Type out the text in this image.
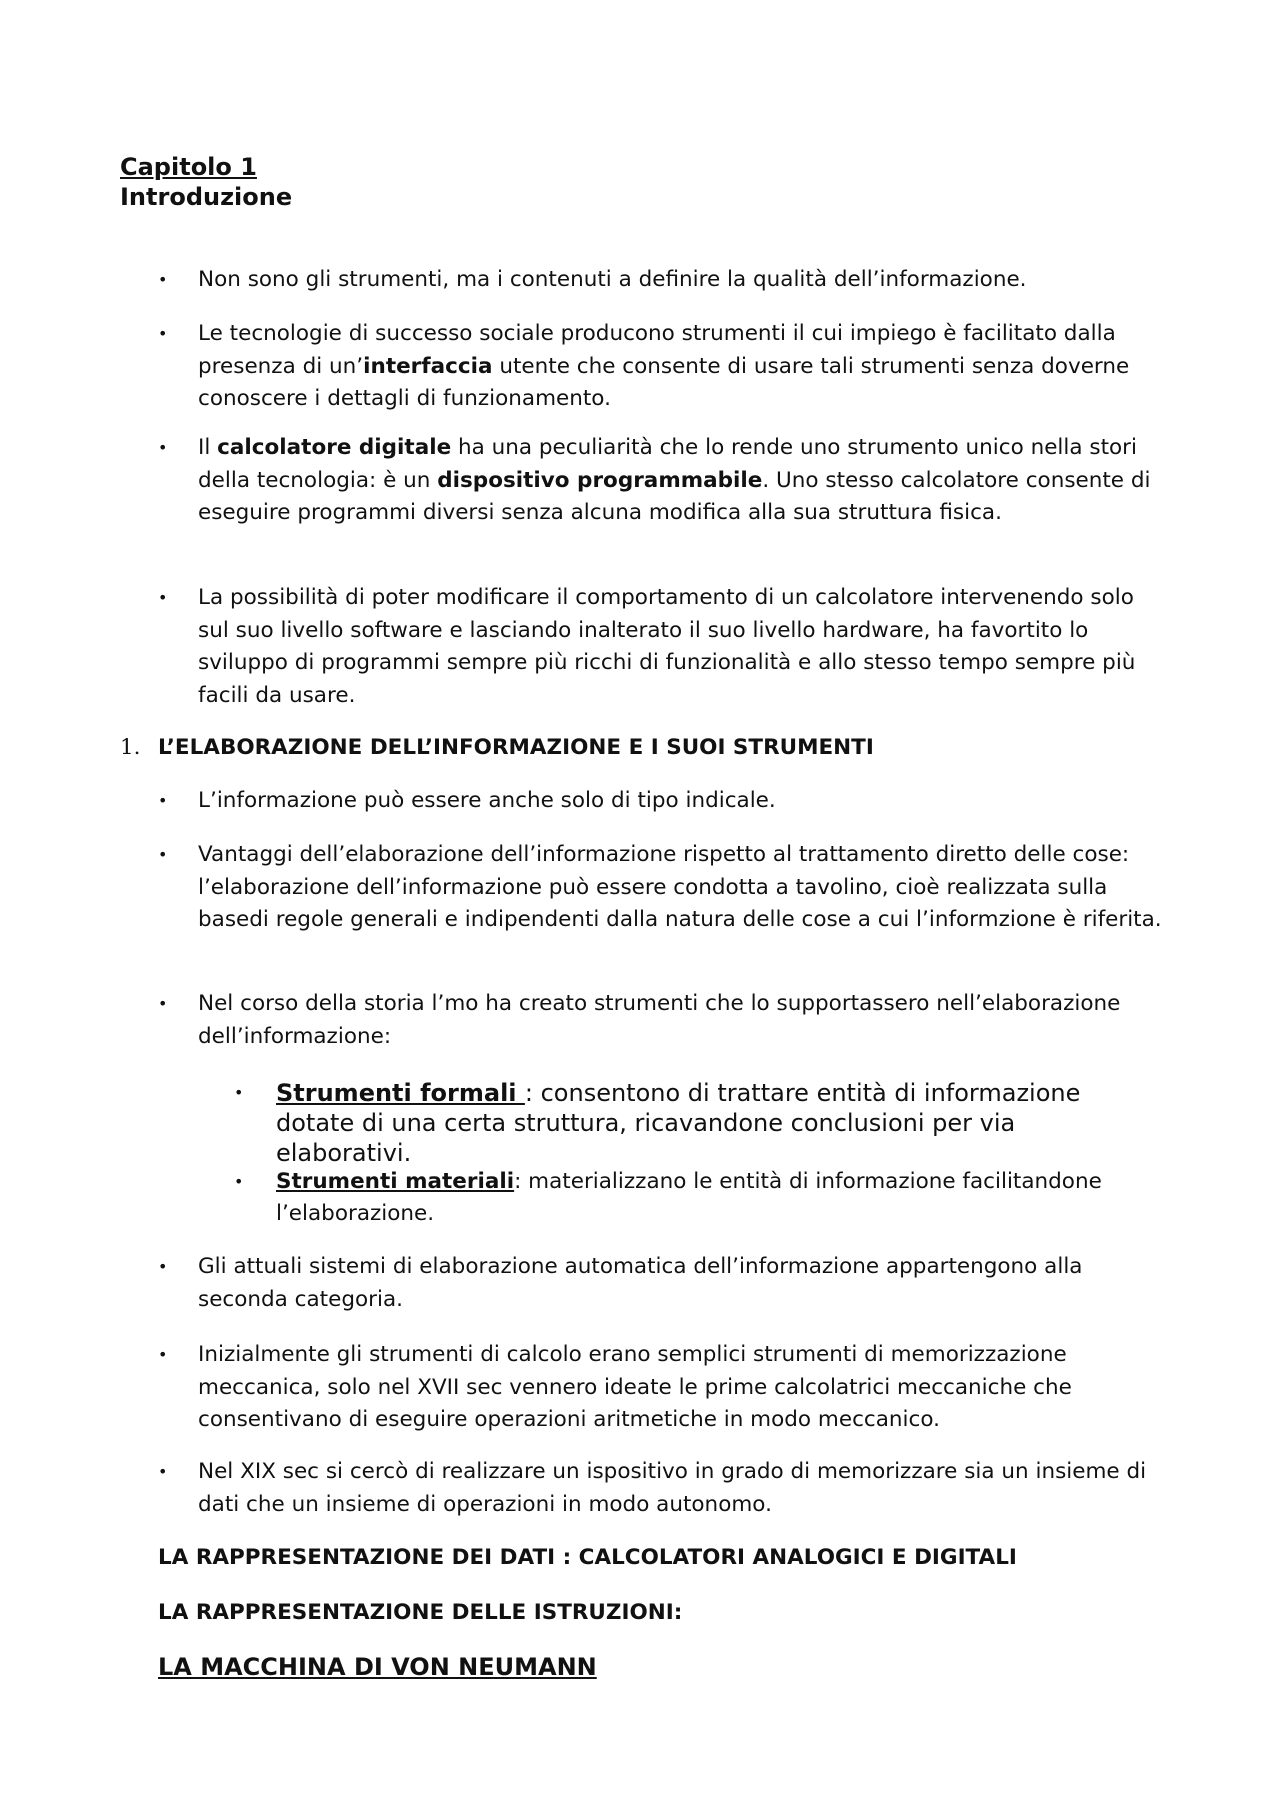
Capitolo 1
Introduzione
•	Non sono gli strumenti, ma i contenuti a definire la qualità dell’informazione.
•	Le tecnologie di successo sociale producono strumenti il cui impiego è facilitato dalla presenza di un’interfaccia utente che consente di usare tali strumenti senza doverne conoscere i dettagli di funzionamento.
•	Il calcolatore digitale ha una peculiarità che lo rende uno strumento unico nella stori della tecnologia: è un dispositivo programmabile. Uno stesso calcolatore consente di eseguire programmi diversi senza alcuna modifica alla sua struttura fisica.
•	La possibilità di poter modificare il comportamento di un calcolatore intervenendo solo sul suo livello software e lasciando inalterato il suo livello hardware, ha favortito lo sviluppo di programmi sempre più ricchi di funzionalità e allo stesso tempo sempre più facili da usare.
1. L’ELABORAZIONE DELL’INFORMAZIONE E I SUOI STRUMENTI
•	L’informazione può essere anche solo di tipo indicale.
•	Vantaggi dell’elaborazione dell’informazione rispetto al trattamento diretto delle cose: l’elaborazione dell’informazione può essere condotta a tavolino, cioè realizzata sulla basedi regole generali e indipendenti dalla natura delle cose a cui l’informzione è riferita.
•	Nel corso della storia l’mo ha creato strumenti che lo supportassero nell’elaborazione dell’informazione:
• Strumenti formali : consentono di trattare entità di informazione dotate di una certa struttura, ricavandone conclusioni per via elaborativi.
• Strumenti materiali: materializzano le entità di informazione facilitandone l’elaborazione.
•	Gli attuali sistemi di elaborazione automatica dell’informazione appartengono alla seconda categoria.
•	Inizialmente gli strumenti di calcolo erano semplici strumenti di memorizzazione meccanica, solo nel XVII sec vennero ideate le prime calcolatrici meccaniche che consentivano di eseguire operazioni aritmetiche in modo meccanico.
•	Nel XIX sec si cercò di realizzare un ispositivo in grado di memorizzare sia un insieme di dati che un insieme di operazioni in modo autonomo.
LA RAPPRESENTAZIONE DEI DATI : CALCOLATORI ANALOGICI E DIGITALI
LA RAPPRESENTAZIONE DELLE ISTRUZIONI:
LA MACCHINA DI VON NEUMANN
